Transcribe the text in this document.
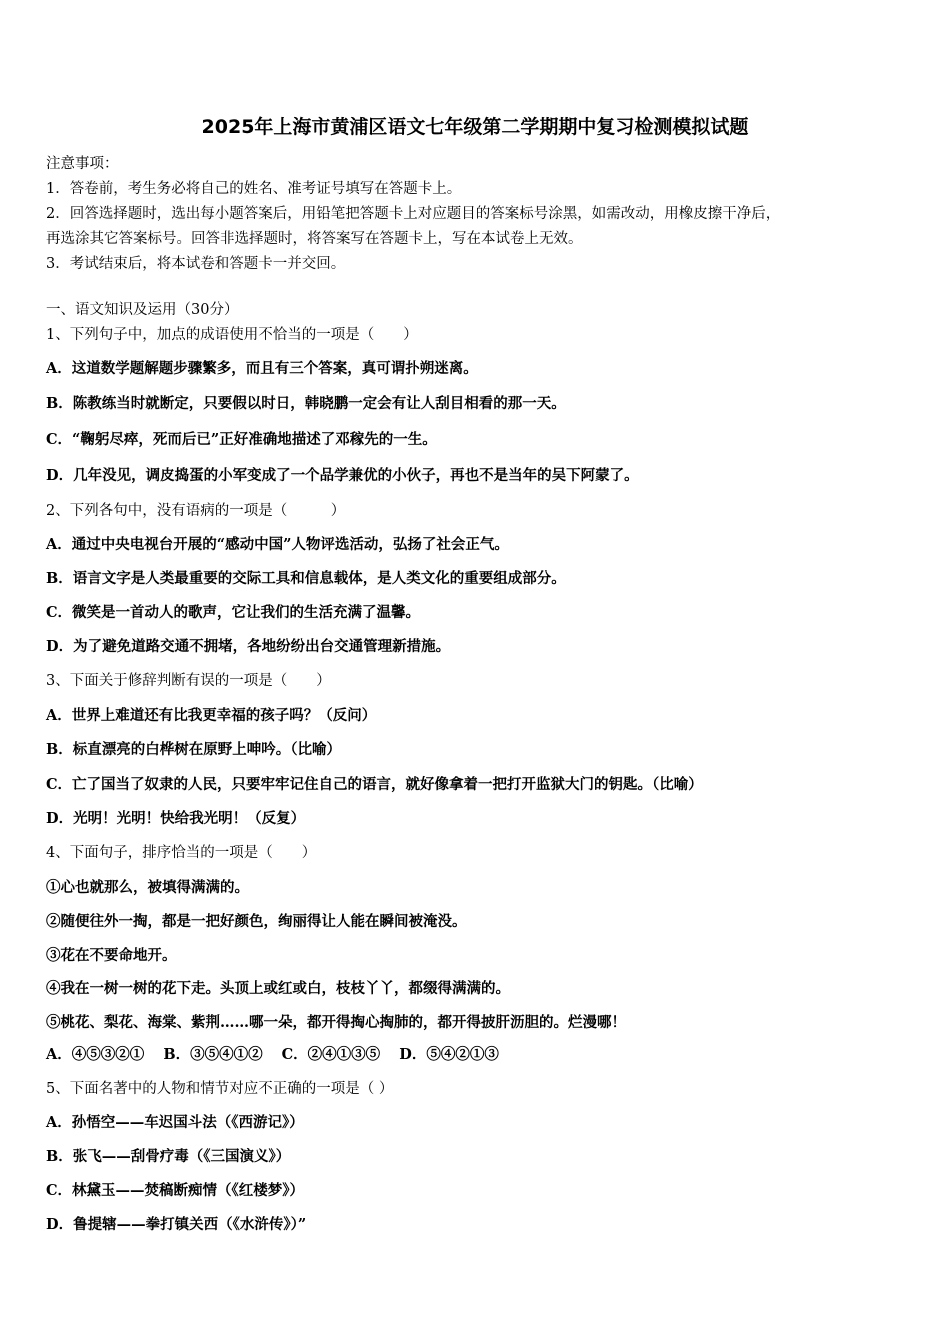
2025年上海市黄浦区语文七年级第二学期期中复习检测模拟试题
注意事项：
1．答卷前，考生务必将自己的姓名、准考证号填写在答题卡上。
2．回答选择题时，选出每小题答案后，用铅笔把答题卡上对应题目的答案标号涂黑，如需改动，用橡皮擦干净后，
再选涂其它答案标号。回答非选择题时，将答案写在答题卡上，写在本试卷上无效。
3．考试结束后，将本试卷和答题卡一并交回。
一、语文知识及运用（30分）
1、下列句子中，加点的成语使用不恰当的一项是（　　）
A．这道数学题解题步骤繁多，而且有三个答案，真可谓扑朔迷离。
B．陈教练当时就断定，只要假以时日，韩晓鹏一定会有让人刮目相看的那一天。
C．“鞠躬尽瘁，死而后已”正好准确地描述了邓稼先的一生。
D．几年没见，调皮捣蛋的小军变成了一个品学兼优的小伙子，再也不是当年的吴下阿蒙了。
2、下列各句中，没有语病的一项是（　　　）
A．通过中央电视台开展的“感动中国”人物评选活动，弘扬了社会正气。
B．语言文字是人类最重要的交际工具和信息载体，是人类文化的重要组成部分。
C．微笑是一首动人的歌声，它让我们的生活充满了温馨。
D．为了避免道路交通不拥堵，各地纷纷出台交通管理新措施。
3、下面关于修辞判断有误的一项是（　　）
A．世界上难道还有比我更幸福的孩子吗？（反问）
B．标直漂亮的白桦树在原野上呻吟。（比喻）
C．亡了国当了奴隶的人民，只要牢牢记住自己的语言，就好像拿着一把打开监狱大门的钥匙。（比喻）
D．光明！光明！快给我光明！（反复）
4、下面句子，排序恰当的一项是（　　）
①心也就那么，被填得满满的。
②随便往外一掏，都是一把好颜色，绚丽得让人能在瞬间被淹没。
③花在不要命地开。
④我在一树一树的花下走。头顶上或红或白，枝枝丫丫，都缀得满满的。
⑤桃花、梨花、海棠、紫荆……哪一朵，都开得掏心掏肺的，都开得披肝沥胆的。烂漫哪！
A．④⑤③②① B．③⑤④①② C．②④①③⑤ D．⑤④②①③
5、下面名著中的人物和情节对应不正确的一项是（ ）
A．孙悟空——车迟国斗法（《西游记》）
B．张飞——刮骨疗毒（《三国演义》）
C．林黛玉——焚稿断痴情（《红楼梦》）
D．鲁提辖——拳打镇关西（《水浒传》）”
